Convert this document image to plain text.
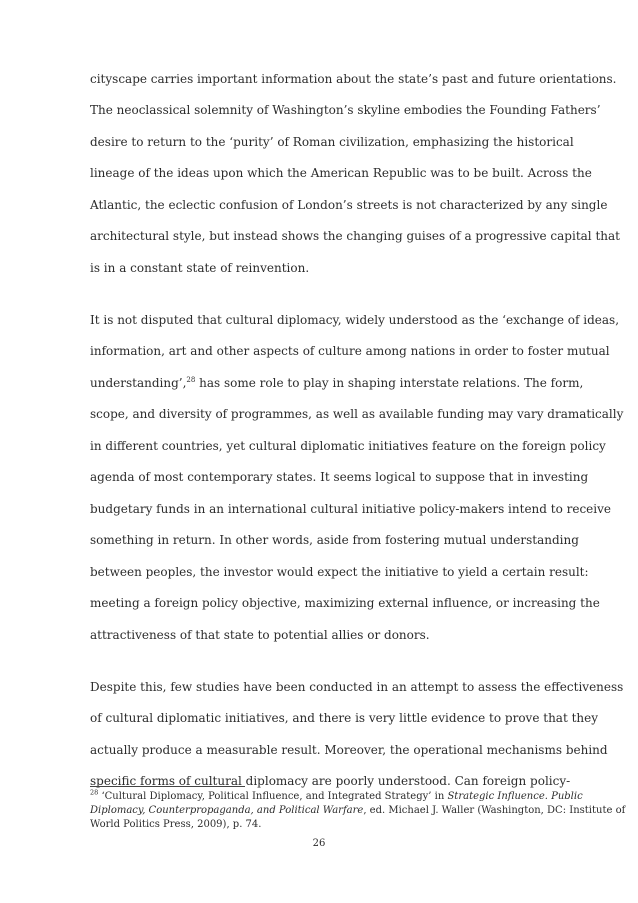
cityscape carries important information about the state’s past and future orientations.
The neoclassical solemnity of Washington’s skyline embodies the Founding Fathers’
desire to return to the ‘purity’ of Roman civilization, emphasizing the historical
lineage of the ideas upon which the American Republic was to be built. Across the
Atlantic, the eclectic confusion of London’s streets is not characterized by any single
architectural style, but instead shows the changing guises of a progressive capital that
is in a constant state of reinvention.
It is not disputed that cultural diplomacy, widely understood as the ‘exchange of ideas,
information, art and other aspects of culture among nations in order to foster mutual
understanding’,$^{28}$ has some role to play in shaping interstate relations. The form,
scope, and diversity of programmes, as well as available funding may vary dramatically
in different countries, yet cultural diplomatic initiatives feature on the foreign policy
agenda of most contemporary states. It seems logical to suppose that in investing
budgetary funds in an international cultural initiative policy-makers intend to receive
something in return. In other words, aside from fostering mutual understanding
between peoples, the investor would expect the initiative to yield a certain result:
meeting a foreign policy objective, maximizing external influence, or increasing the
attractiveness of that state to potential allies or donors.
Despite this, few studies have been conducted in an attempt to assess the effectiveness
of cultural diplomatic initiatives, and there is very little evidence to prove that they
actually produce a measurable result. Moreover, the operational mechanisms behind
specific forms of cultural diplomacy are poorly understood. Can foreign policy-
$^{28}$ ‘Cultural Diplomacy, Political Influence, and Integrated Strategy’ in Strategic Influence. Public
Diplomacy, Counterpropaganda, and Political Warfare, ed. Michael J. Waller (Washington, DC: Institute of
World Politics Press, 2009), p. 74.
26
